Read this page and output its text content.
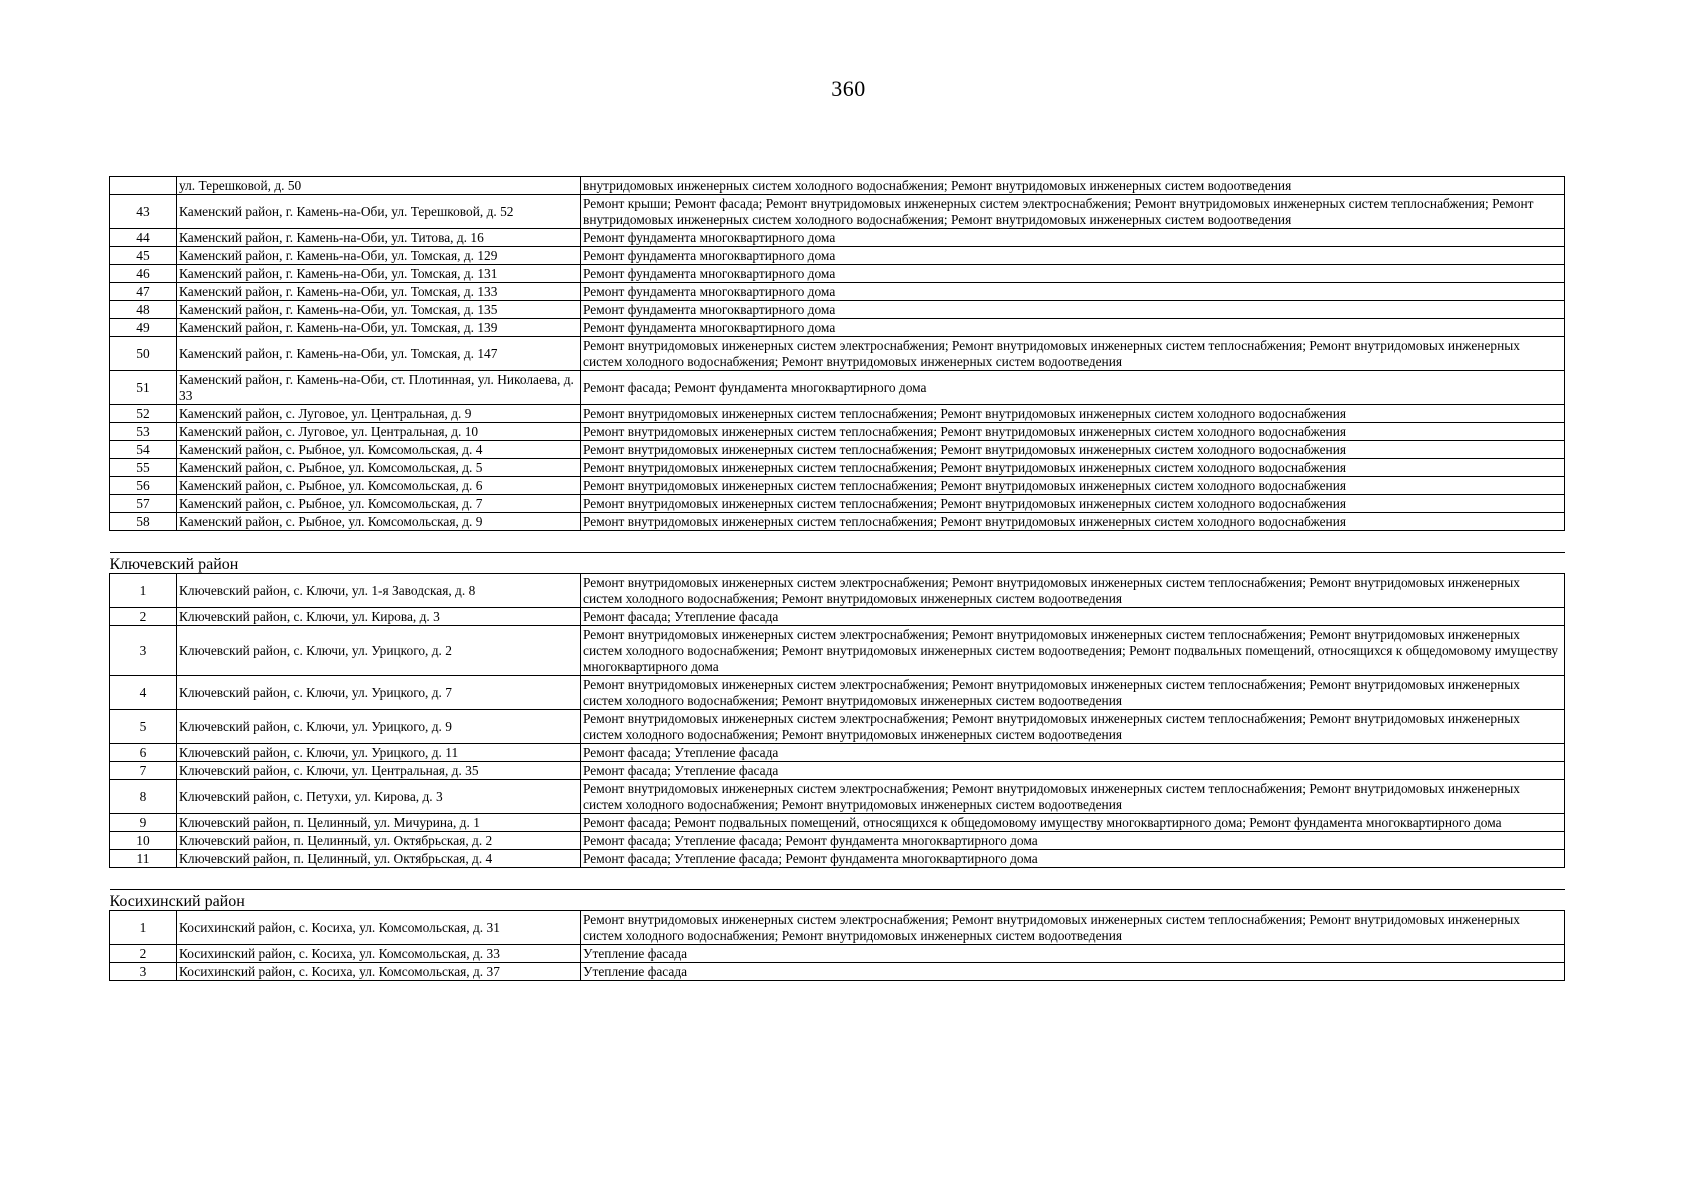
360
	ул. Терешковой, д. 50	внутридомовых инженерных систем холодного водоснабжения; Ремонт внутридомовых инженерных систем водоотведения
43	Каменский район, г. Камень-на-Оби, ул. Терешковой, д. 52	Ремонт крыши; Ремонт фасада; Ремонт внутридомовых инженерных систем электроснабжения; Ремонт внутридомовых инженерных систем теплоснабжения; Ремонт внутридомовых инженерных систем холодного водоснабжения; Ремонт внутридомовых инженерных систем водоотведения
44	Каменский район, г. Камень-на-Оби, ул. Титова, д. 16	Ремонт фундамента многоквартирного дома
45	Каменский район, г. Камень-на-Оби, ул. Томская, д. 129	Ремонт фундамента многоквартирного дома
46	Каменский район, г. Камень-на-Оби, ул. Томская, д. 131	Ремонт фундамента многоквартирного дома
47	Каменский район, г. Камень-на-Оби, ул. Томская, д. 133	Ремонт фундамента многоквартирного дома
48	Каменский район, г. Камень-на-Оби, ул. Томская, д. 135	Ремонт фундамента многоквартирного дома
49	Каменский район, г. Камень-на-Оби, ул. Томская, д. 139	Ремонт фундамента многоквартирного дома
50	Каменский район, г. Камень-на-Оби, ул. Томская, д. 147	Ремонт внутридомовых инженерных систем электроснабжения; Ремонт внутридомовых инженерных систем теплоснабжения; Ремонт внутридомовых инженерных систем холодного водоснабжения; Ремонт внутридомовых инженерных систем водоотведения
51	Каменский район, г. Камень-на-Оби, ст. Плотинная, ул. Николаева, д. 33	Ремонт фасада; Ремонт фундамента многоквартирного дома
52	Каменский район, с. Луговое, ул. Центральная, д. 9	Ремонт внутридомовых инженерных систем теплоснабжения; Ремонт внутридомовых инженерных систем холодного водоснабжения
53	Каменский район, с. Луговое, ул. Центральная, д. 10	Ремонт внутридомовых инженерных систем теплоснабжения; Ремонт внутридомовых инженерных систем холодного водоснабжения
54	Каменский район, с. Рыбное, ул. Комсомольская, д. 4	Ремонт внутридомовых инженерных систем теплоснабжения; Ремонт внутридомовых инженерных систем холодного водоснабжения
55	Каменский район, с. Рыбное, ул. Комсомольская, д. 5	Ремонт внутридомовых инженерных систем теплоснабжения; Ремонт внутридомовых инженерных систем холодного водоснабжения
56	Каменский район, с. Рыбное, ул. Комсомольская, д. 6	Ремонт внутридомовых инженерных систем теплоснабжения; Ремонт внутридомовых инженерных систем холодного водоснабжения
57	Каменский район, с. Рыбное, ул. Комсомольская, д. 7	Ремонт внутридомовых инженерных систем теплоснабжения; Ремонт внутридомовых инженерных систем холодного водоснабжения
58	Каменский район, с. Рыбное, ул. Комсомольская, д. 9	Ремонт внутридомовых инженерных систем теплоснабжения; Ремонт внутридомовых инженерных систем холодного водоснабжения

Ключевский район		
1	Ключевский район, с. Ключи, ул. 1-я Заводская, д. 8	Ремонт внутридомовых инженерных систем электроснабжения; Ремонт внутридомовых инженерных систем теплоснабжения; Ремонт внутридомовых инженерных систем холодного водоснабжения; Ремонт внутридомовых инженерных систем водоотведения
2	Ключевский район, с. Ключи, ул. Кирова, д. 3	Ремонт фасада; Утепление фасада
3	Ключевский район, с. Ключи, ул. Урицкого, д. 2	Ремонт внутридомовых инженерных систем электроснабжения; Ремонт внутридомовых инженерных систем теплоснабжения; Ремонт внутридомовых инженерных систем холодного водоснабжения; Ремонт внутридомовых инженерных систем водоотведения; Ремонт подвальных помещений, относящихся к общедомовому имуществу многоквартирного дома
4	Ключевский район, с. Ключи, ул. Урицкого, д. 7	Ремонт внутридомовых инженерных систем электроснабжения; Ремонт внутридомовых инженерных систем теплоснабжения; Ремонт внутридомовых инженерных систем холодного водоснабжения; Ремонт внутридомовых инженерных систем водоотведения
5	Ключевский район, с. Ключи, ул. Урицкого, д. 9	Ремонт внутридомовых инженерных систем электроснабжения; Ремонт внутридомовых инженерных систем теплоснабжения; Ремонт внутридомовых инженерных систем холодного водоснабжения; Ремонт внутридомовых инженерных систем водоотведения
6	Ключевский район, с. Ключи, ул. Урицкого, д. 11	Ремонт фасада; Утепление фасада
7	Ключевский район, с. Ключи, ул. Центральная, д. 35	Ремонт фасада; Утепление фасада
8	Ключевский район, с. Петухи, ул. Кирова, д. 3	Ремонт внутридомовых инженерных систем электроснабжения; Ремонт внутридомовых инженерных систем теплоснабжения; Ремонт внутридомовых инженерных систем холодного водоснабжения; Ремонт внутридомовых инженерных систем водоотведения
9	Ключевский район, п. Целинный, ул. Мичурина, д. 1	Ремонт фасада; Ремонт подвальных помещений, относящихся к общедомовому имуществу многоквартирного дома; Ремонт фундамента многоквартирного дома
10	Ключевский район, п. Целинный, ул. Октябрьская, д. 2	Ремонт фасада; Утепление фасада; Ремонт фундамента многоквартирного дома
11	Ключевский район, п. Целинный, ул. Октябрьская, д. 4	Ремонт фасада; Утепление фасада; Ремонт фундамента многоквартирного дома

Косихинский район		
1	Косихинский район, с. Косиха, ул. Комсомольская, д. 31	Ремонт внутридомовых инженерных систем электроснабжения; Ремонт внутридомовых инженерных систем теплоснабжения; Ремонт внутридомовых инженерных систем холодного водоснабжения; Ремонт внутридомовых инженерных систем водоотведения
2	Косихинский район, с. Косиха, ул. Комсомольская, д. 33	Утепление фасада
3	Косихинский район, с. Косиха, ул. Комсомольская, д. 37	Утепление фасада
